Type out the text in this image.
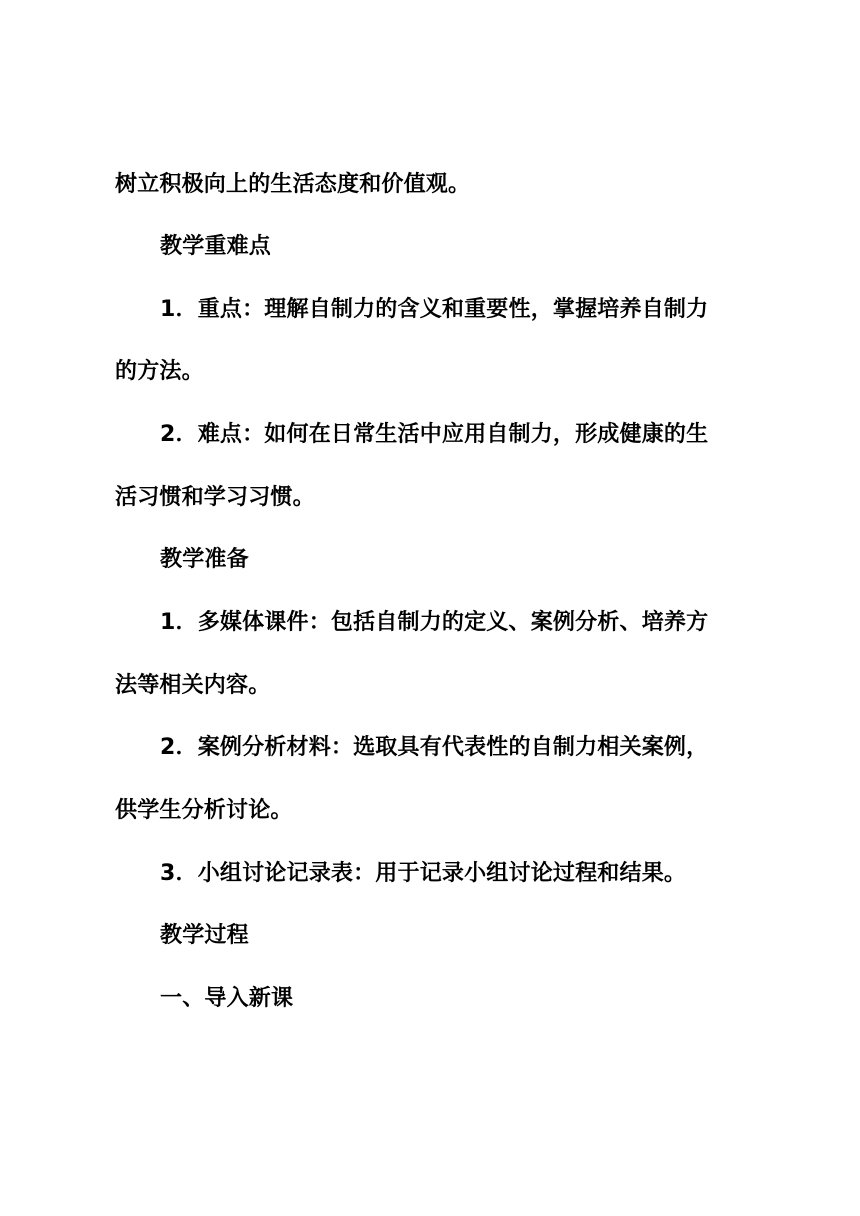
树立积极向上的生活态度和价值观。
教学重难点
1．重点：理解自制力的含义和重要性，掌握培养自制力
的方法。
2．难点：如何在日常生活中应用自制力，形成健康的生
活习惯和学习习惯。
教学准备
1．多媒体课件：包括自制力的定义、案例分析、培养方
法等相关内容。
2．案例分析材料：选取具有代表性的自制力相关案例，
供学生分析讨论。
3．小组讨论记录表：用于记录小组讨论过程和结果。
教学过程
一、导入新课
